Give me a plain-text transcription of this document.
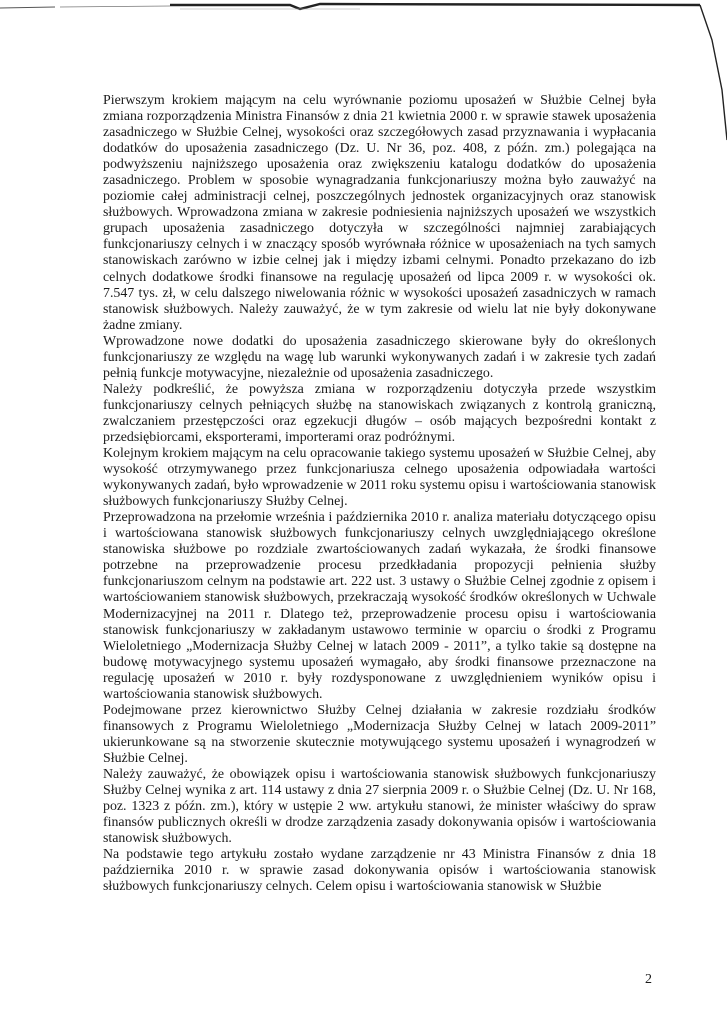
Pierwszym krokiem mającym na celu wyrównanie poziomu uposażeń w Służbie Celnej była zmiana rozporządzenia Ministra Finansów z dnia 21 kwietnia 2000 r. w sprawie stawek uposażenia zasadniczego w Służbie Celnej, wysokości oraz szczegółowych zasad przyznawania i wypłacania dodatków do uposażenia zasadniczego (Dz. U. Nr 36, poz. 408, z późn. zm.) polegająca na podwyższeniu najniższego uposażenia oraz zwiększeniu katalogu dodatków do uposażenia zasadniczego. Problem w sposobie wynagradzania funkcjonariuszy można było zauważyć na poziomie całej administracji celnej, poszczególnych jednostek organizacyjnych oraz stanowisk służbowych. Wprowadzona zmiana w zakresie podniesienia najniższych uposażeń we wszystkich grupach uposażenia zasadniczego dotyczyła w szczególności najmniej zarabiających funkcjonariuszy celnych i w znaczący sposób wyrównała różnice w uposażeniach na tych samych stanowiskach zarówno w izbie celnej jak i między izbami celnymi. Ponadto przekazano do izb celnych dodatkowe środki finansowe na regulację uposażeń od lipca 2009 r. w wysokości ok. 7.547 tys. zł, w celu dalszego niwelowania różnic w wysokości uposażeń zasadniczych w ramach stanowisk służbowych. Należy zauważyć, że w tym zakresie od wielu lat nie były dokonywane żadne zmiany.

Wprowadzone nowe dodatki do uposażenia zasadniczego skierowane były do określonych funkcjonariuszy ze względu na wagę lub warunki wykonywanych zadań i w zakresie tych zadań pełnią funkcje motywacyjne, niezależnie od uposażenia zasadniczego.

Należy podkreślić, że powyższa zmiana w rozporządzeniu dotyczyła przede wszystkim funkcjonariuszy celnych pełniących służbę na stanowiskach związanych z kontrolą graniczną, zwalczaniem przestępczości oraz egzekucji długów – osób mających bezpośredni kontakt z przedsiębiorcami, eksporterami, importerami oraz podróżnymi.

Kolejnym krokiem mającym na celu opracowanie takiego systemu uposażeń w Służbie Celnej, aby wysokość otrzymywanego przez funkcjonariusza celnego uposażenia odpowiadała wartości wykonywanych zadań, było wprowadzenie w 2011 roku systemu opisu i wartościowania stanowisk służbowych funkcjonariuszy Służby Celnej.

Przeprowadzona na przełomie września i października 2010 r. analiza materiału dotyczącego opisu i wartościowana stanowisk służbowych funkcjonariuszy celnych uwzględniającego określone stanowiska służbowe po rozdziale zwartościowanych zadań wykazała, że środki finansowe potrzebne na przeprowadzenie procesu przedkładania propozycji pełnienia służby funkcjonariuszom celnym na podstawie art. 222 ust. 3 ustawy o Służbie Celnej zgodnie z opisem i wartościowaniem stanowisk służbowych, przekraczają wysokość środków określonych w Uchwale Modernizacyjnej na 2011 r. Dlatego też, przeprowadzenie procesu opisu i wartościowania stanowisk funkcjonariuszy w zakładanym ustawowo terminie w oparciu o środki z Programu Wieloletniego „Modernizacja Służby Celnej w latach 2009 - 2011”, a tylko takie są dostępne na budowę motywacyjnego systemu uposażeń wymagało, aby środki finansowe przeznaczone na regulację uposażeń w 2010 r. były rozdysponowane z uwzględnieniem wyników opisu i wartościowania stanowisk służbowych.

Podejmowane przez kierownictwo Służby Celnej działania w zakresie rozdziału środków finansowych z Programu Wieloletniego „Modernizacja Służby Celnej w latach 2009-2011” ukierunkowane są na stworzenie skutecznie motywującego systemu uposażeń i wynagrodzeń w Służbie Celnej.

Należy zauważyć, że obowiązek opisu i wartościowania stanowisk służbowych funkcjonariuszy Służby Celnej wynika z art. 114 ustawy z dnia 27 sierpnia 2009 r. o Służbie Celnej (Dz. U. Nr 168, poz. 1323 z późn. zm.), który w ustępie 2 ww. artykułu stanowi, że minister właściwy do spraw finansów publicznych określi w drodze zarządzenia zasady dokonywania opisów i wartościowania stanowisk służbowych.

Na podstawie tego artykułu zostało wydane zarządzenie nr 43 Ministra Finansów z dnia 18 października 2010 r. w sprawie zasad dokonywania opisów i wartościowania stanowisk służbowych funkcjonariuszy celnych. Celem opisu i wartościowania stanowisk w Służbie

2
